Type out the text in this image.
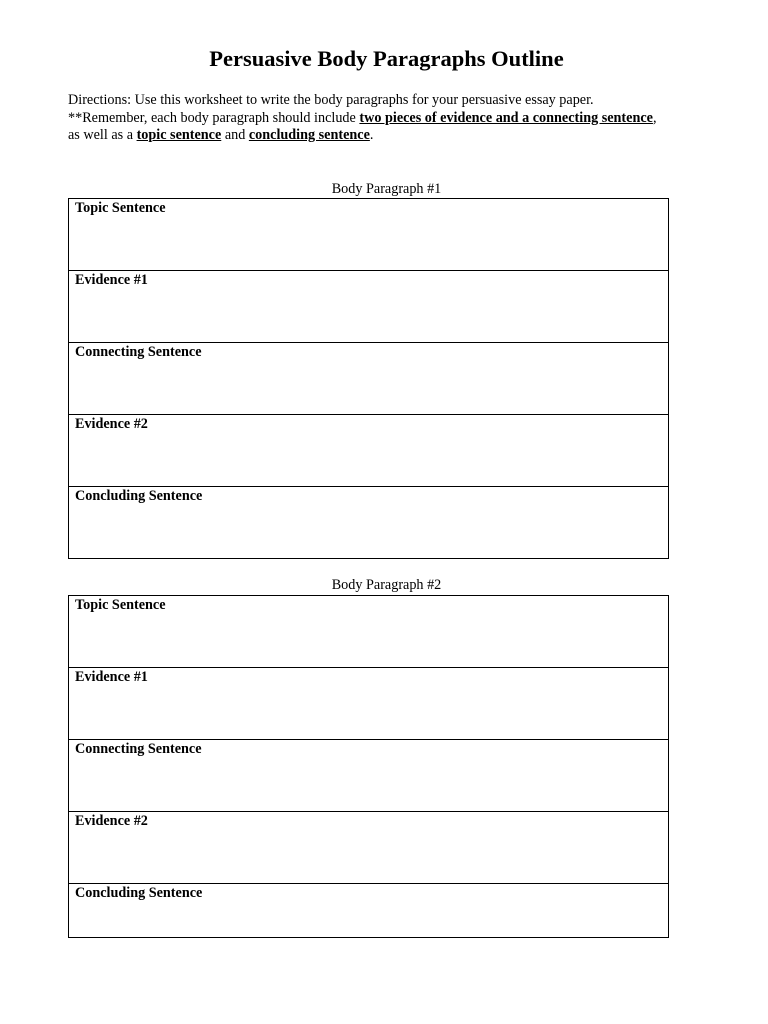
Persuasive Body Paragraphs Outline
Directions: Use this worksheet to write the body paragraphs for your persuasive essay paper.
**Remember, each body paragraph should include two pieces of evidence and a connecting sentence,
as well as a topic sentence and concluding sentence.
Body Paragraph #1
Topic Sentence
Evidence #1
Connecting Sentence
Evidence #2
Concluding Sentence
Body Paragraph #2
Topic Sentence
Evidence #1
Connecting Sentence
Evidence #2
Concluding Sentence
